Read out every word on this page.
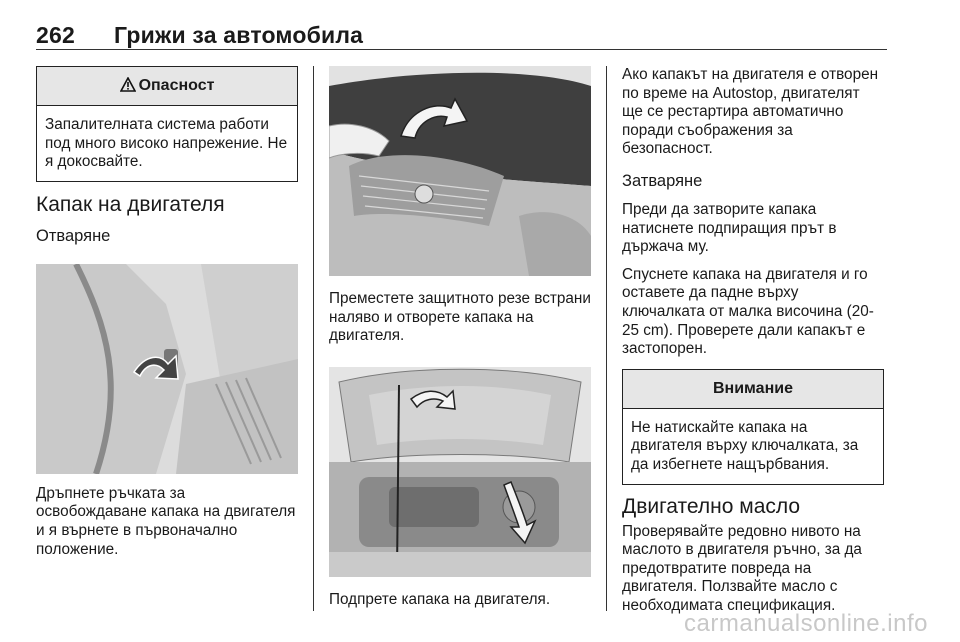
262 Грижи за автомобила
Опасност

Запалителната система работи под много високо напрежение. Не я докосвайте.

Капак на двигателя
Отваряне

Дръпнете ръчката за освобождаване капака на двигателя и я върнете в първоначално положение.

Преместете защитното резе встрани наляво и отворете капака на двигателя.

Подпрете капака на двигателя.

Ако капакът на двигателя е отворен по време на Autostop, двигателят ще се рестартира автоматично поради съображения за безопасност.

Затваряне

Преди да затворите капака натиснете подпиращия прът в държача му.

Спуснете капака на двигателя и го оставете да падне върху ключалката от малка височина (20-25 cm). Проверете дали капакът е застопорен.

Внимание

Не натискайте капака на двигателя върху ключалката, за да избегнете нащърбвания.

Двигателно масло

Проверявайте редовно нивото на маслото в двигателя ръчно, за да предотвратите повреда на двигателя. Ползвайте масло с необходимата спецификация.

carmanualsonline.info
